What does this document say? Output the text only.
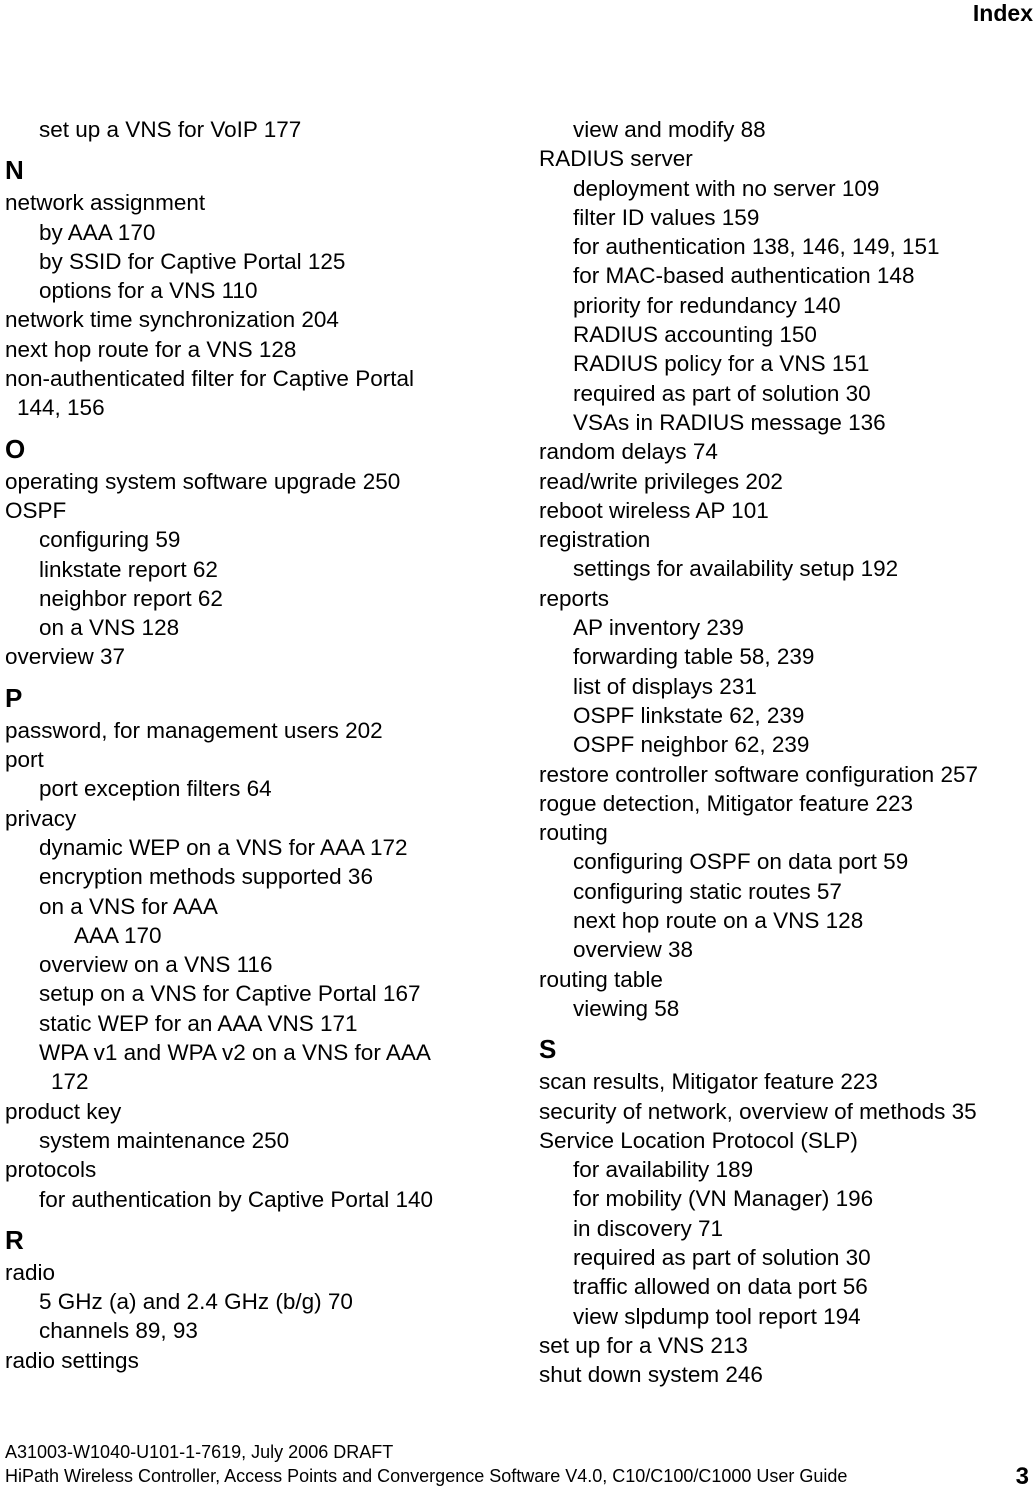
Index
set up a VNS for VoIP 177
N
network assignment
by AAA 170
by SSID for Captive Portal 125
options for a VNS 110
network time synchronization 204
next hop route for a VNS 128
non-authenticated filter for Captive Portal
144, 156
O
operating system software upgrade 250
OSPF
configuring 59
linkstate report 62
neighbor report 62
on a VNS 128
overview 37
P
password, for management users 202
port
port exception filters 64
privacy
dynamic WEP on a VNS for AAA 172
encryption methods supported 36
on a VNS for AAA
AAA 170
overview on a VNS 116
setup on a VNS for Captive Portal 167
static WEP for an AAA VNS 171
WPA v1 and WPA v2 on a VNS for AAA
172
product key
system maintenance 250
protocols
for authentication by Captive Portal 140
R
radio
5 GHz (a) and 2.4 GHz (b/g) 70
channels 89, 93
radio settings
view and modify 88
RADIUS server
deployment with no server 109
filter ID values 159
for authentication 138, 146, 149, 151
for MAC-based authentication 148
priority for redundancy 140
RADIUS accounting 150
RADIUS policy for a VNS 151
required as part of solution 30
VSAs in RADIUS message 136
random delays 74
read/write privileges 202
reboot wireless AP 101
registration
settings for availability setup 192
reports
AP inventory 239
forwarding table 58, 239
list of displays 231
OSPF linkstate 62, 239
OSPF neighbor 62, 239
restore controller software configuration 257
rogue detection, Mitigator feature 223
routing
configuring OSPF on data port 59
configuring static routes 57
next hop route on a VNS 128
overview 38
routing table
viewing 58
S
scan results, Mitigator feature 223
security of network, overview of methods 35
Service Location Protocol (SLP)
for availability 189
for mobility (VN Manager) 196
in discovery 71
required as part of solution 30
traffic allowed on data port 56
view slpdump tool report 194
set up for a VNS 213
shut down system 246
A31003-W1040-U101-1-7619, July 2006 DRAFT
HiPath Wireless Controller, Access Points and Convergence Software V4.0, C10/C100/C1000 User Guide	3
